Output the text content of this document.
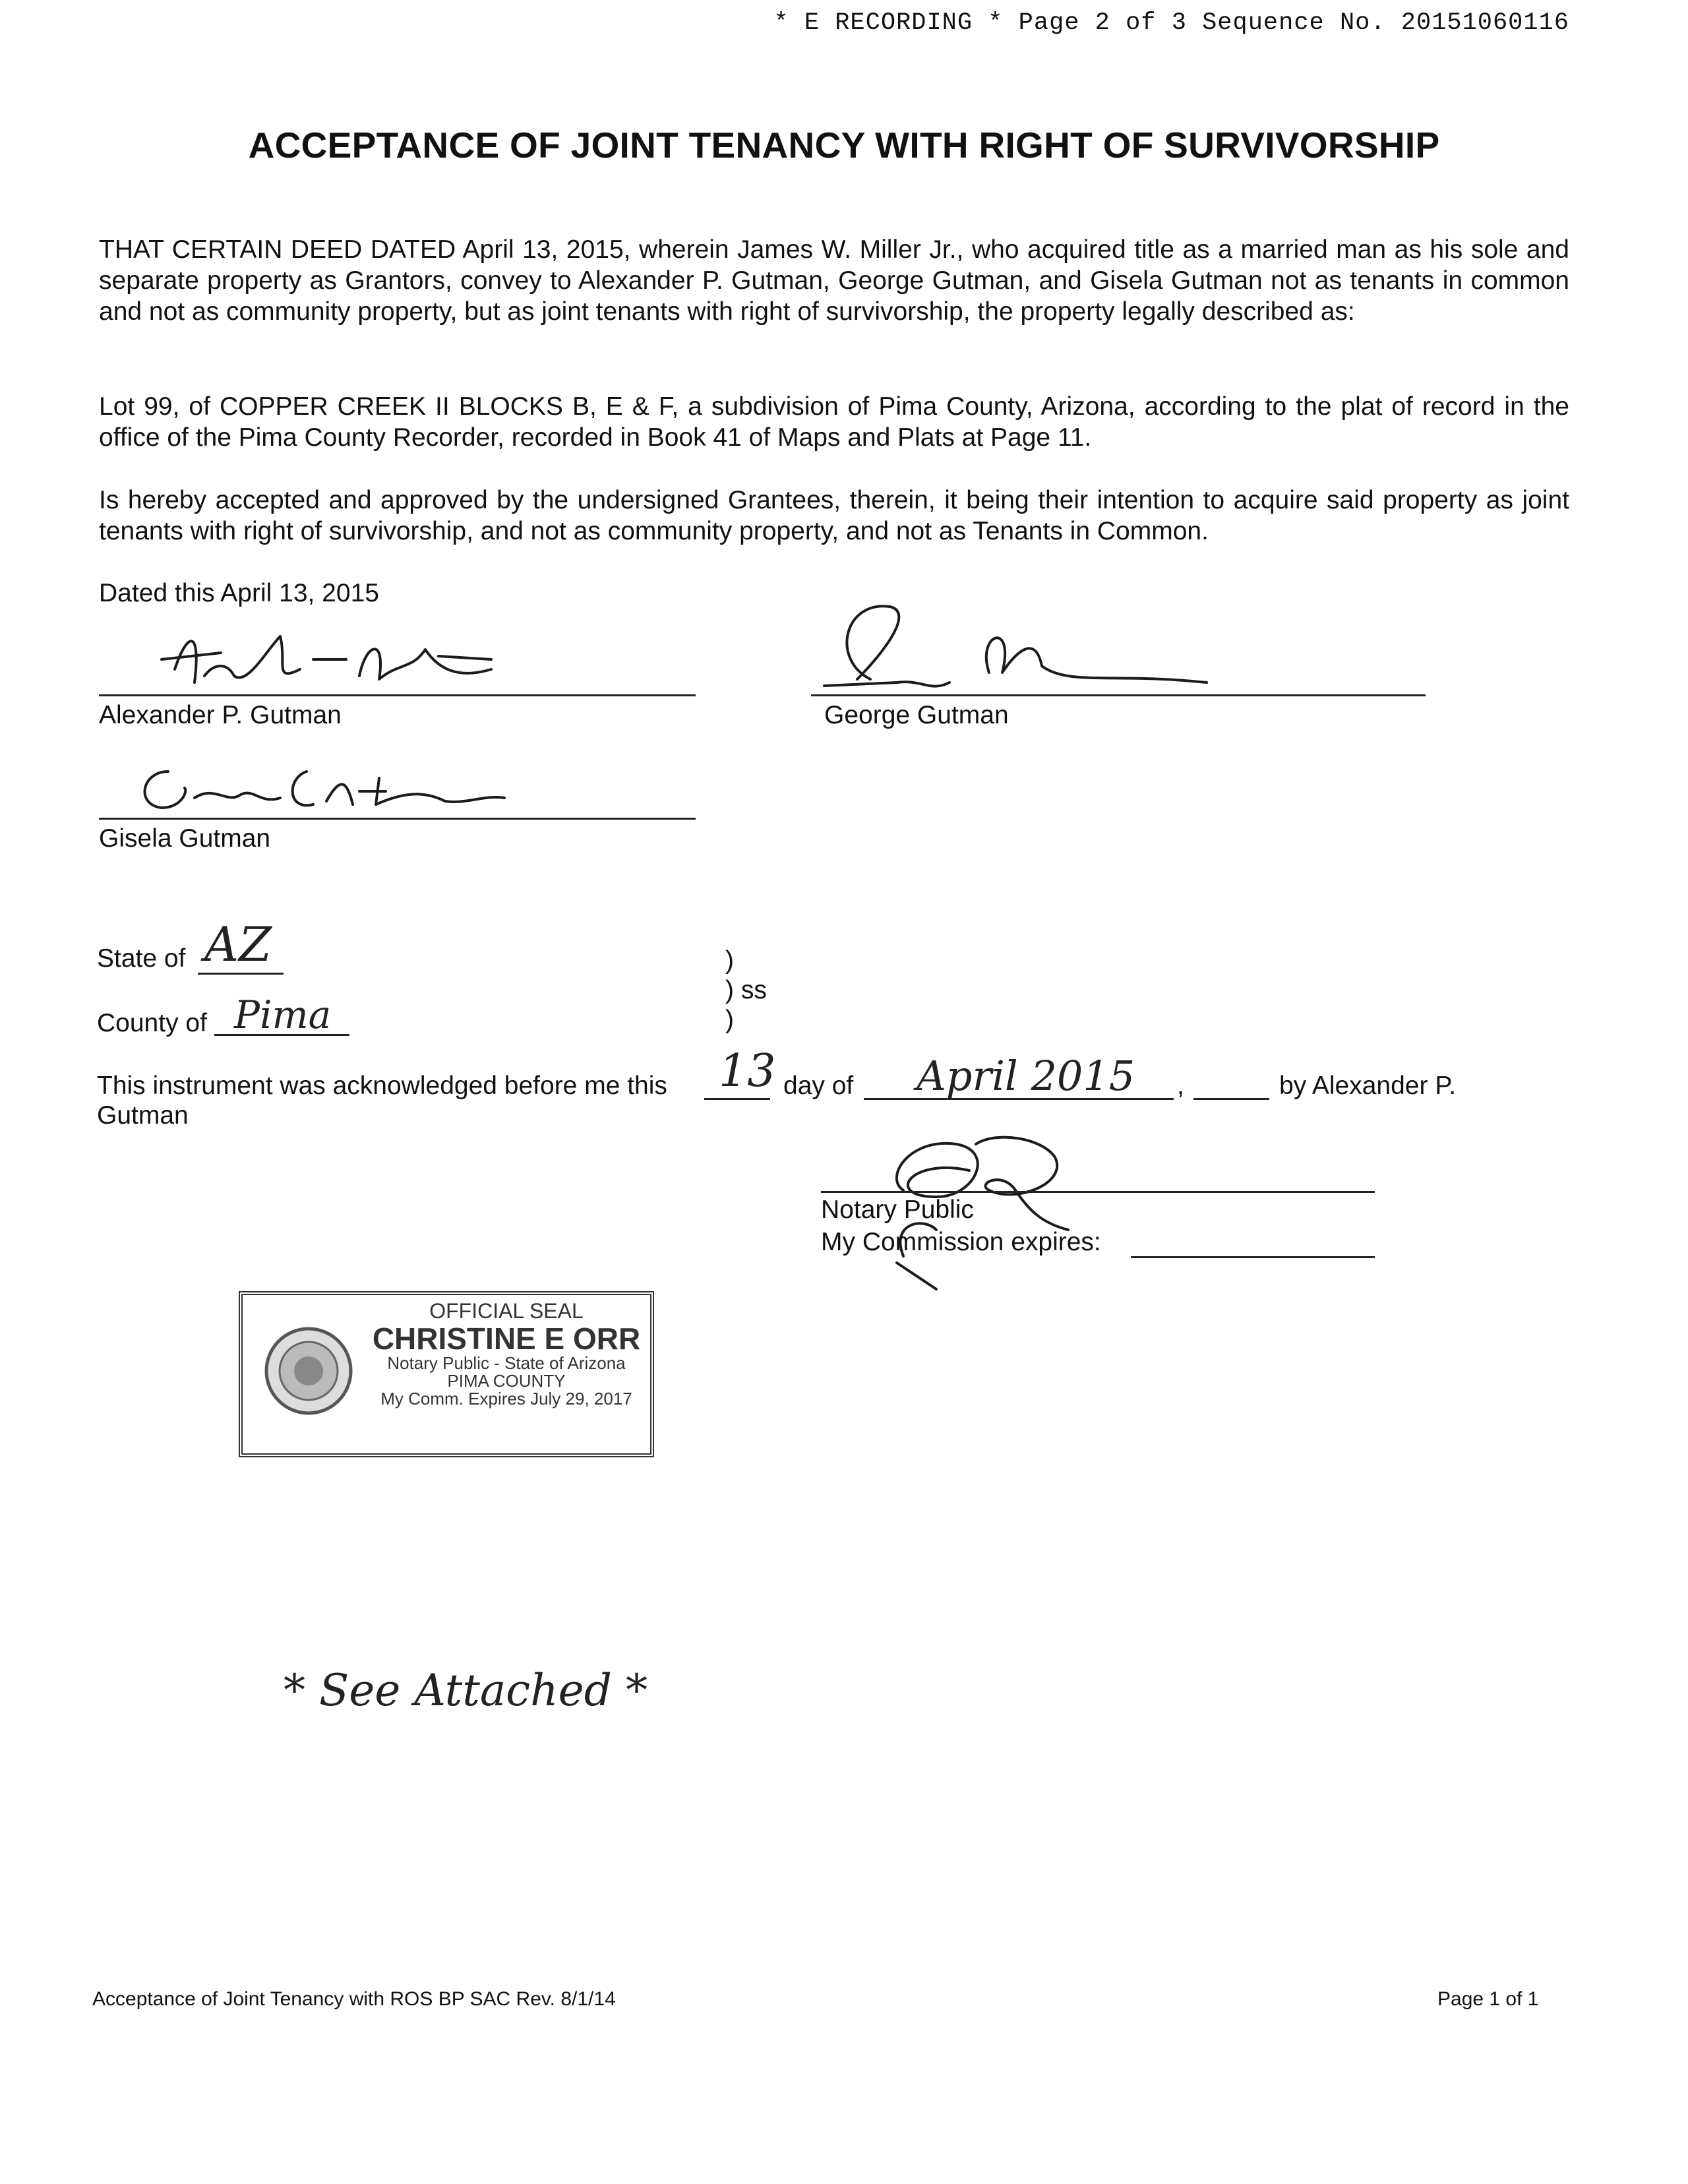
* E RECORDING * Page 2 of 3 Sequence No. 20151060116
ACCEPTANCE OF JOINT TENANCY WITH RIGHT OF SURVIVORSHIP
THAT CERTAIN DEED DATED April 13, 2015, wherein James W. Miller Jr., who acquired title as a married man as his sole and separate property as Grantors, convey to Alexander P. Gutman, George Gutman, and Gisela Gutman not as tenants in common and not as community property, but as joint tenants with right of survivorship, the property legally described as:
Lot 99, of COPPER CREEK II BLOCKS B, E & F, a subdivision of Pima County, Arizona, according to the plat of record in the office of the Pima County Recorder, recorded in Book 41 of Maps and Plats at Page 11.
Is hereby accepted and approved by the undersigned Grantees, therein, it being their intention to acquire said property as joint tenants with right of survivorship, and not as community property, and not as Tenants in Common.
Dated this April 13, 2015
Alexander P. Gutman	George Gutman
Gisela Gutman
State of AZ
County of Pima
)
) ss
)
This instrument was acknowledged before me this 13 day of April 2015 ,	by Alexander P.
Gutman
Notary Public
My Commission expires:
OFFICIAL SEAL
CHRISTINE E ORR
Notary Public - State of Arizona
PIMA COUNTY
My Comm. Expires July 29, 2017
* See Attached *
Acceptance of Joint Tenancy with ROS BP SAC Rev. 8/1/14	Page 1 of 1
